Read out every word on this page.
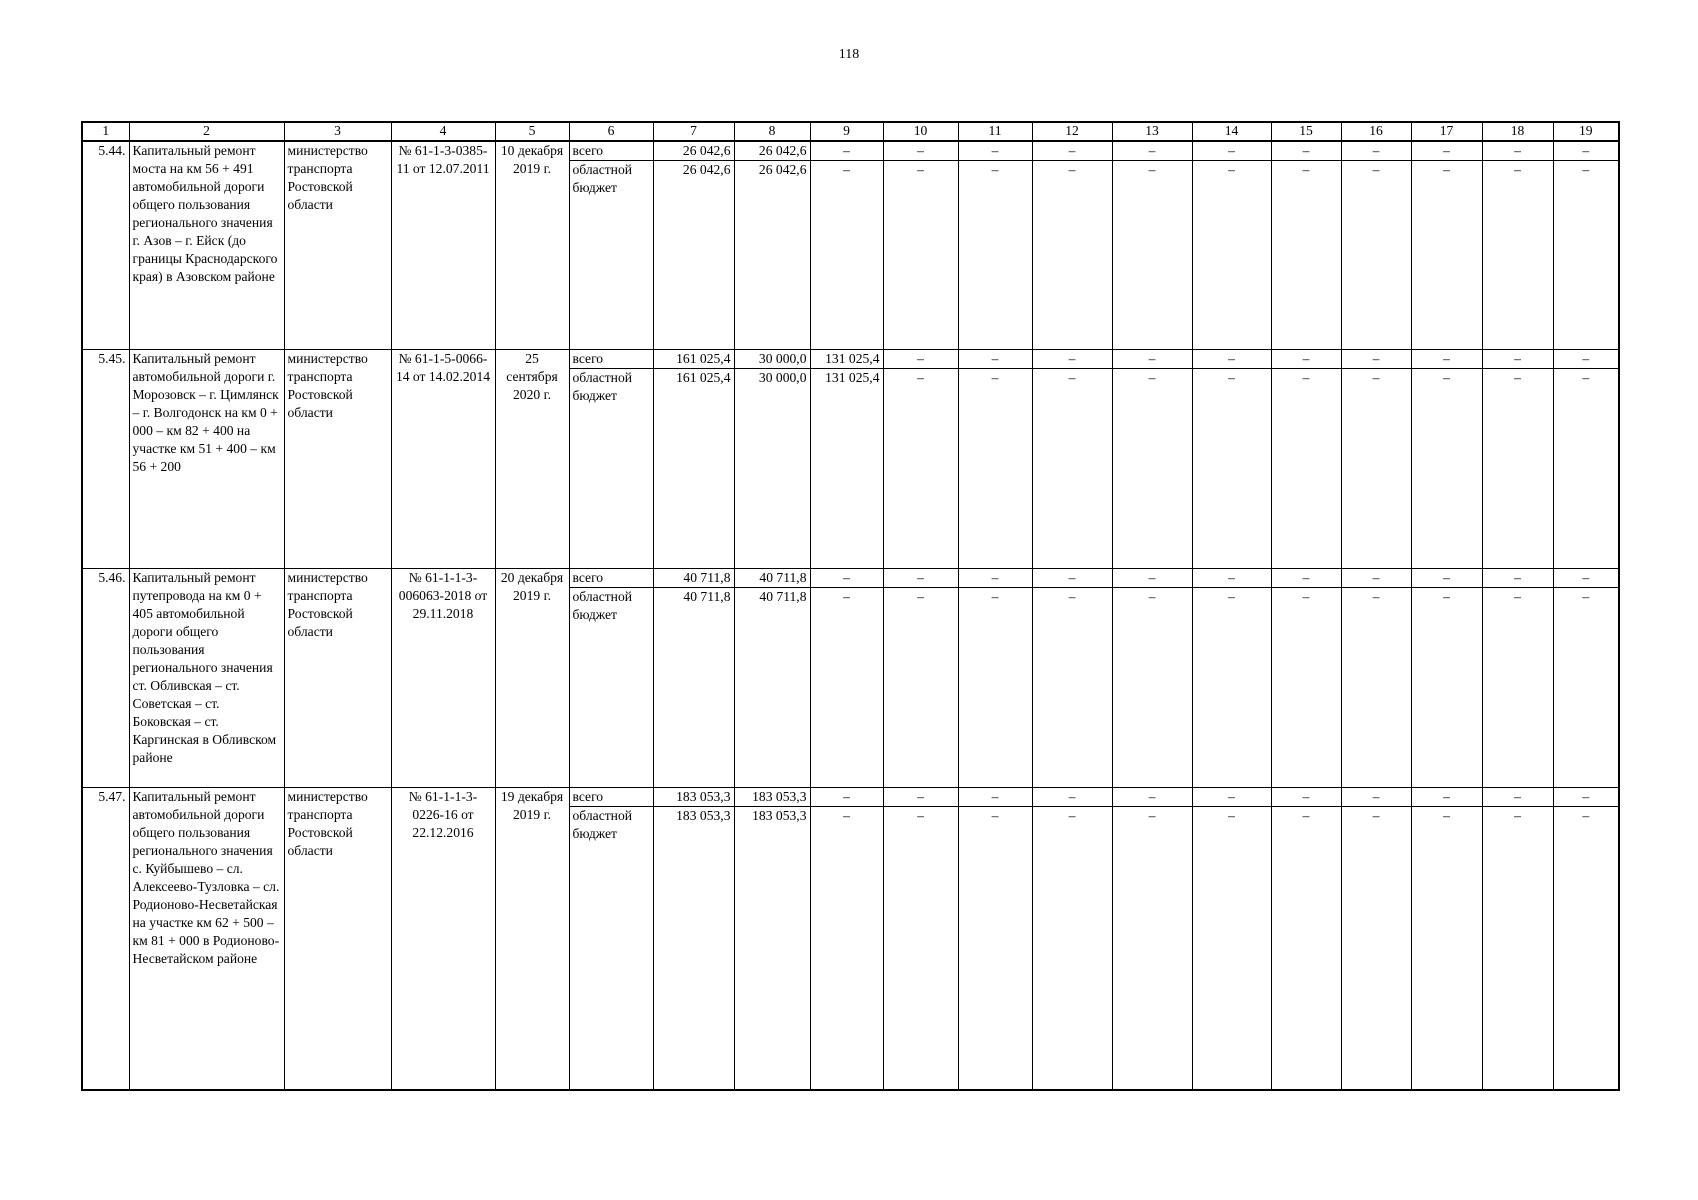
118
1	2	3	4	5	6	7	8	9	10	11	12	13	14	15	16	17	18	19
5.44.	Капитальный ремонт моста на км 56 + 491 автомобильной дороги общего пользования регионального значения г. Азов – г. Ейск (до границы Краснодарского края) в Азовском районе	министерство транспорта Ростовской области	№ 61-1-3-0385-11 от 12.07.2011	10 декабря 2019 г.	всего	26 042,6	26 042,6	–	–	–	–	–	–	–	–	–	–	–
					областной бюджет	26 042,6	26 042,6	–	–	–	–	–	–	–	–	–	–	–
5.45.	Капитальный ремонт автомобильной дороги г. Морозовск – г. Цимлянск – г. Волгодонск на км 0 + 000 – км 82 + 400 на участке км 51 + 400 – км 56 + 200	министерство транспорта Ростовской области	№ 61-1-5-0066-14 от 14.02.2014	25 сентября 2020 г.	всего	161 025,4	30 000,0	131 025,4	–	–	–	–	–	–	–	–	–	–
					областной бюджет	161 025,4	30 000,0	131 025,4	–	–	–	–	–	–	–	–	–	–
5.46.	Капитальный ремонт путепровода на км 0 + 405 автомобильной дороги общего пользования регионального значения ст. Обливская – ст. Советская – ст. Боковская – ст. Каргинская в Обливском районе	министерство транспорта Ростовской области	№ 61-1-1-3-006063-2018 от 29.11.2018	20 декабря 2019 г.	всего	40 711,8	40 711,8	–	–	–	–	–	–	–	–	–	–	–
					областной бюджет	40 711,8	40 711,8	–	–	–	–	–	–	–	–	–	–	–
5.47.	Капитальный ремонт автомобильной дороги общего пользования регионального значения с. Куйбышево – сл. Алексеево-Тузловка – сл. Родионово-Несветайская на участке км 62 + 500 – км 81 + 000 в Родионово-Несветайском районе	министерство транспорта Ростовской области	№ 61-1-1-3-0226-16 от 22.12.2016	19 декабря 2019 г.	всего	183 053,3	183 053,3	–	–	–	–	–	–	–	–	–	–	–
					областной бюджет	183 053,3	183 053,3	–	–	–	–	–	–	–	–	–	–	–
